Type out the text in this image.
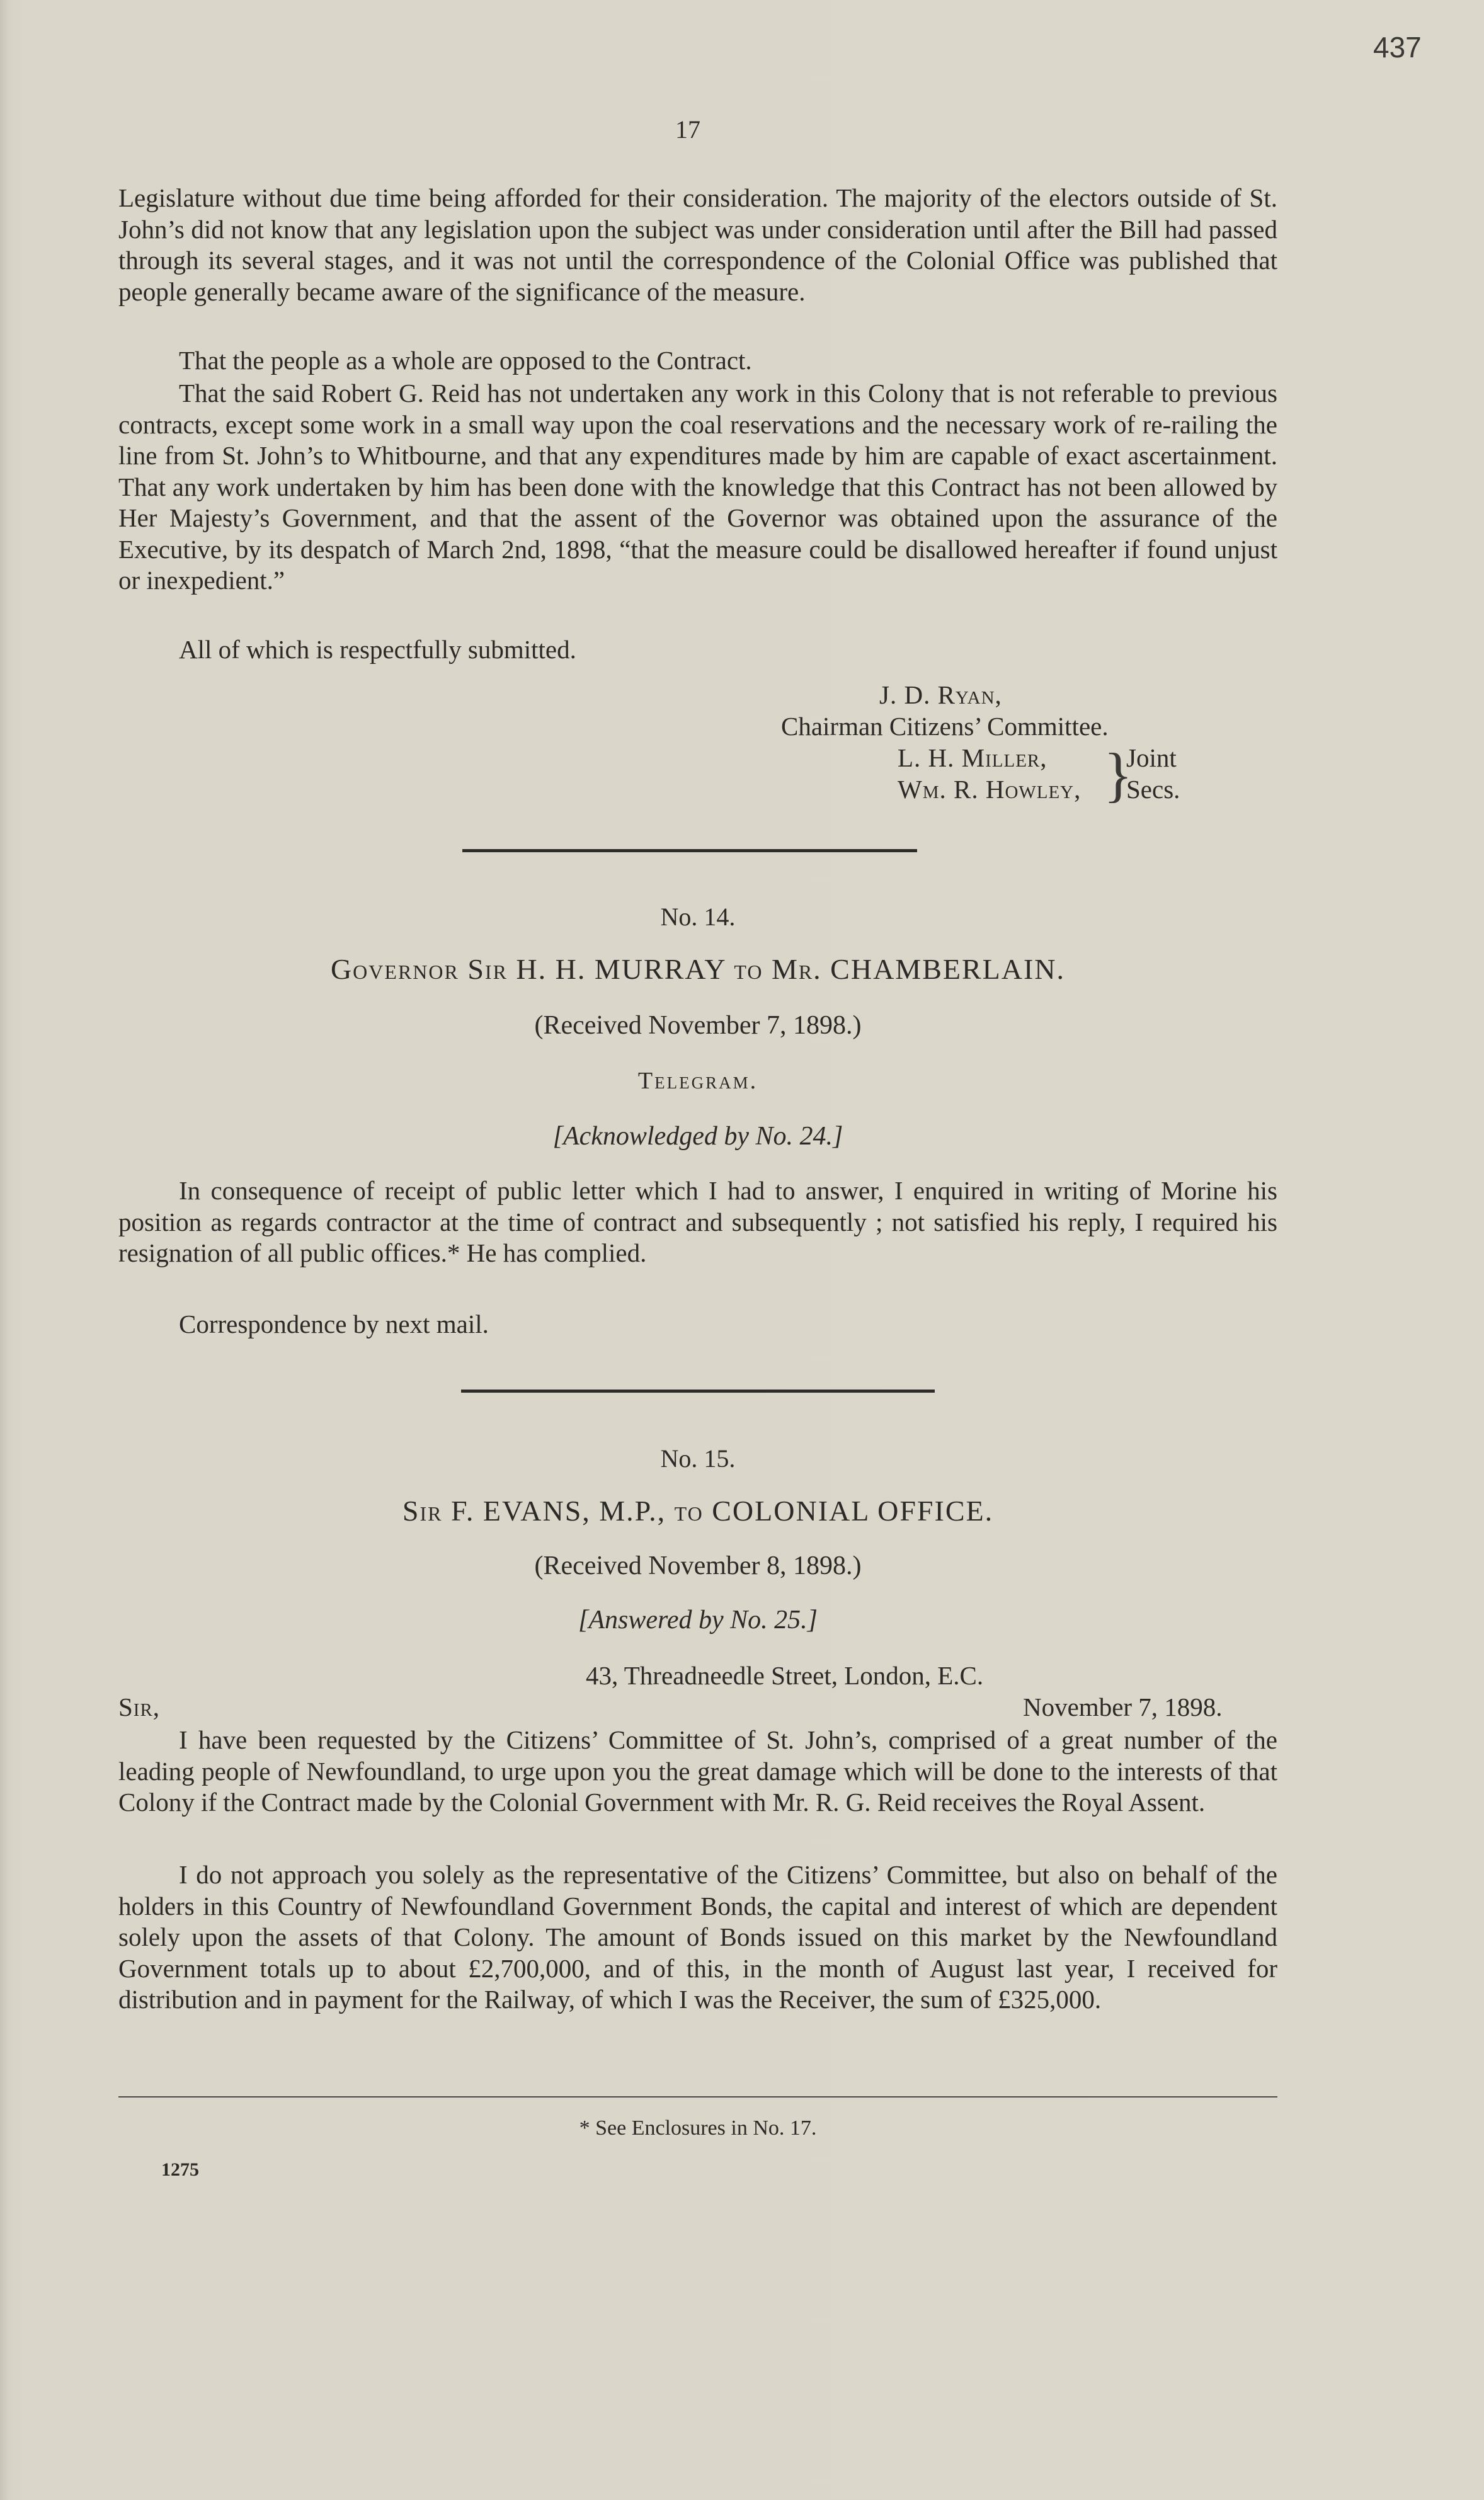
437
17

Legislature without due time being afforded for their consideration. The majority of the electors outside of St. John’s did not know that any legislation upon the subject was under consideration until after the Bill had passed through its several stages, and it was not until the correspondence of the Colonial Office was published that people generally became aware of the significance of the measure.

That the people as a whole are opposed to the Contract.

That the said Robert G. Reid has not undertaken any work in this Colony that is not referable to previous contracts, except some work in a small way upon the coal reservations and the necessary work of re-railing the line from St. John’s to Whitbourne, and that any expenditures made by him are capable of exact ascertainment. That any work undertaken by him has been done with the knowledge that this Contract has not been allowed by Her Majesty’s Government, and that the assent of the Governor was obtained upon the assurance of the Executive, by its despatch of March 2nd, 1898, “that the measure could be disallowed hereafter if found unjust or inexpedient.”

All of which is respectfully submitted.

J. D. Ryan,
Chairman Citizens’ Committee.
L. H. Miller,
Wm. R. Howley, }
Joint
Secs.
No. 14.
Governor Sir H. H. MURRAY to Mr. CHAMBERLAIN.
(Received November 7, 1898.)
Telegram.
[Acknowledged by No. 24.]

In consequence of receipt of public letter which I had to answer, I enquired in writing of Morine his position as regards contractor at the time of contract and subsequently ; not satisfied his reply, I required his resignation of all public offices.* He has complied.

Correspondence by next mail.

No. 15.
Sir F. EVANS, M.P., to COLONIAL OFFICE.
(Received November 8, 1898.)
[Answered by No. 25.]
43, Threadneedle Street, London, E.C.
Sir,	November 7, 1898.

I have been requested by the Citizens’ Committee of St. John’s, comprised of a great number of the leading people of Newfoundland, to urge upon you the great damage which will be done to the interests of that Colony if the Contract made by the Colonial Government with Mr. R. G. Reid receives the Royal Assent.

I do not approach you solely as the representative of the Citizens’ Committee, but also on behalf of the holders in this Country of Newfoundland Government Bonds, the capital and interest of which are dependent solely upon the assets of that Colony. The amount of Bonds issued on this market by the Newfoundland Government totals up to about £2,700,000, and of this, in the month of August last year, I received for distribution and in payment for the Railway, of which I was the Receiver, the sum of £325,000.

* See Enclosures in No. 17.
1275
